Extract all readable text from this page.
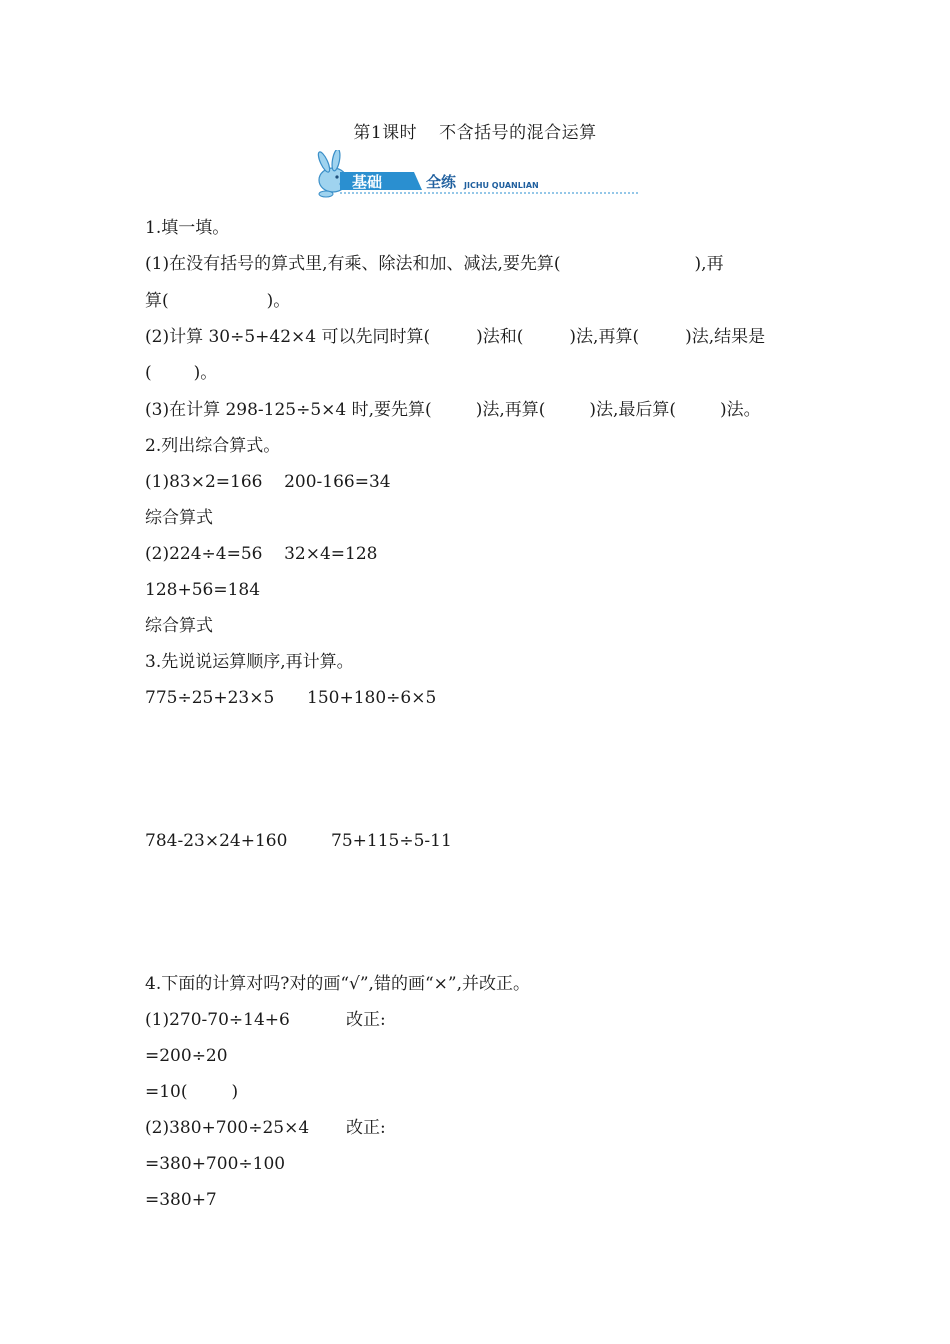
第1课时 不含括号的混合运算
基础	全练 JICHU QUANLIAN
1.填一填。
(1)在没有括号的算式里,有乘、除法和加、减法,要先算(	),再
算(	)。
(2)计算 30÷5+42×4 可以先同时算(	)法和(	)法,再算(	)法,结果是
( )。
(3)在计算 298-125÷5×4 时,要先算(	)法,再算(	)法,最后算(	)法。
2.列出综合算式。
(1)83×2=166    200-166=34
综合算式
(2)224÷4=56    32×4=128
128+56=184
综合算式
3.先说说运算顺序,再计算。
775÷25+23×5 150+180÷6×5
784-23×24+160	75+115÷5-11
4.下面的计算对吗?对的画“√”,错的画“×”,并改正。
(1)270-70÷14+6	改正:
=200÷20
=10(	)
(2)380+700÷25×4 改正:
=380+700÷100
=380+7
